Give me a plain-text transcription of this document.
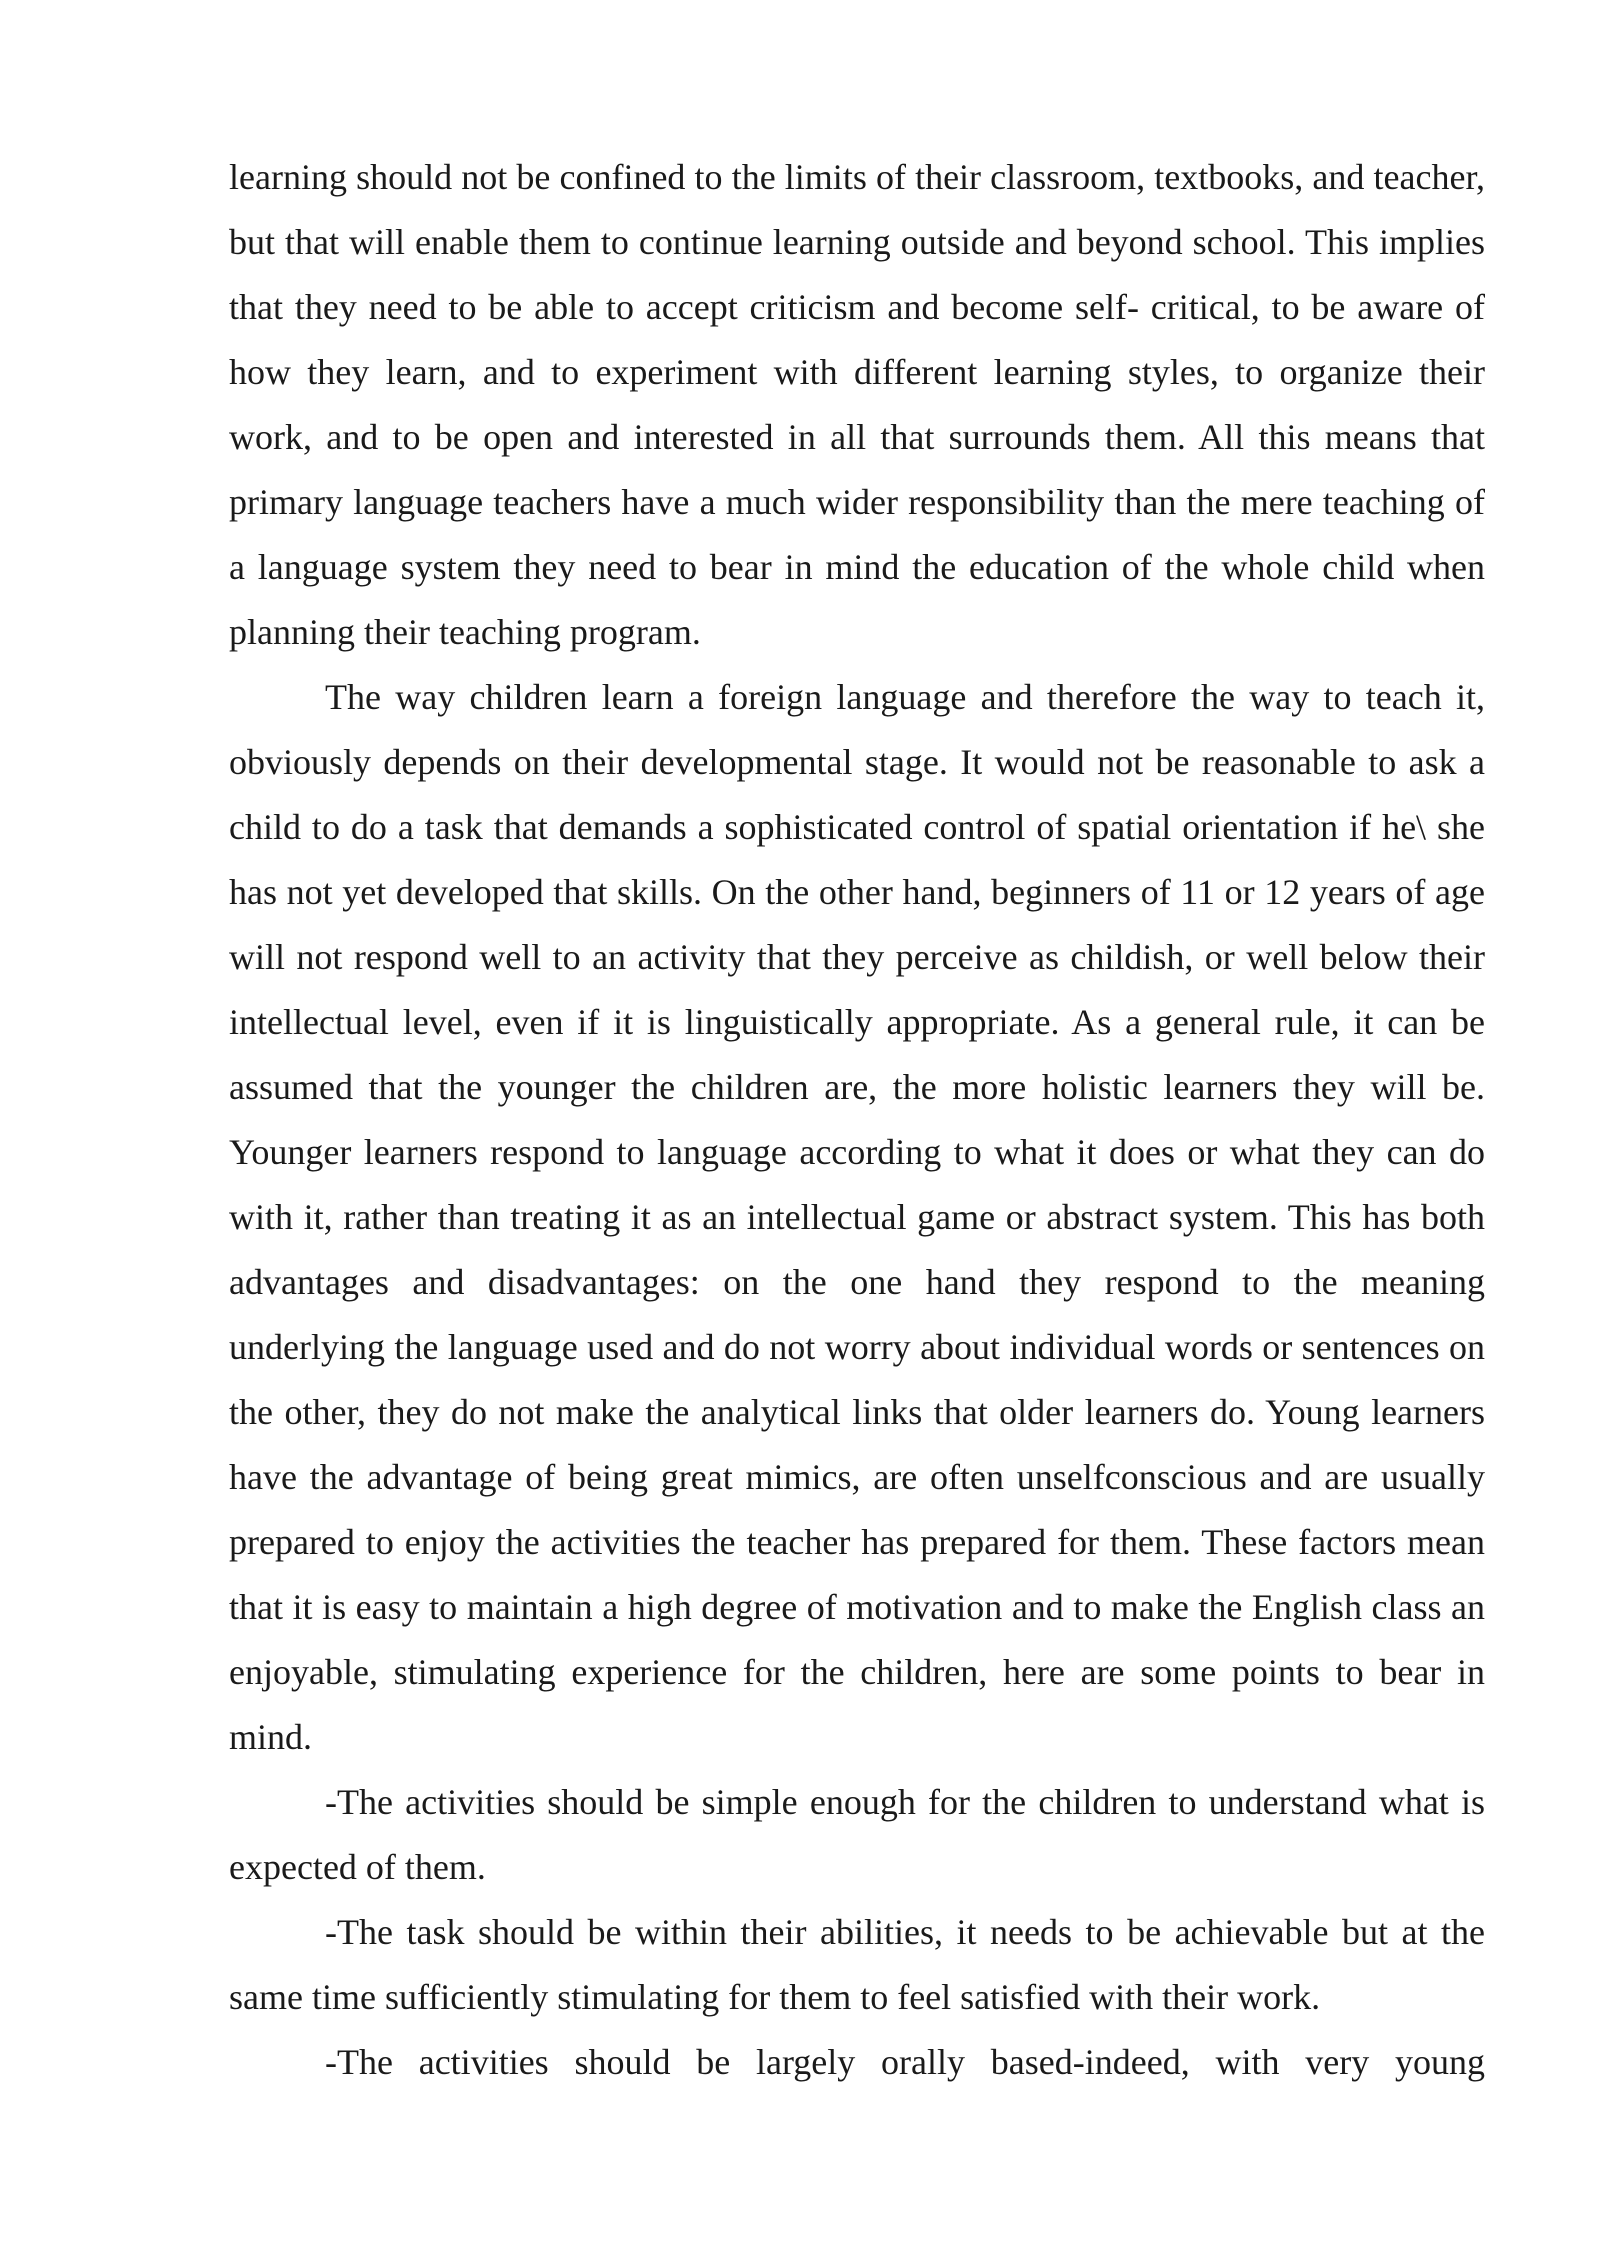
learning should not be confined to the limits of their classroom, textbooks, and teacher, but that will enable them to continue learning outside and beyond school. This implies that they need to be able to accept criticism and become self- critical, to be aware of how they learn, and to experiment with different learning styles, to organize their work, and to be open and interested in all that surrounds them. All this means that primary language teachers have a much wider responsibility than the mere teaching of a language system they need to bear in mind the education of the whole child when planning their teaching program.

The way children learn a foreign language and therefore the way to teach it, obviously depends on their developmental stage. It would not be reasonable to ask a child to do a task that demands a sophisticated control of spatial orientation if he\ she has not yet developed that skills. On the other hand, beginners of 11 or 12 years of age will not respond well to an activity that they perceive as childish, or well below their intellectual level, even if it is linguistically appropriate. As a general rule, it can be assumed that the younger the children are, the more holistic learners they will be. Younger learners respond to language according to what it does or what they can do with it, rather than treating it as an intellectual game or abstract system. This has both advantages and disadvantages: on the one hand they respond to the meaning underlying the language used and do not worry about individual words or sentences on the other, they do not make the analytical links that older learners do. Young learners have the advantage of being great mimics, are often unselfconscious and are usually prepared to enjoy the activities the teacher has prepared for them. These factors mean that it is easy to maintain a high degree of motivation and to make the English class an enjoyable, stimulating experience for the children, here are some points to bear in mind.

-The activities should be simple enough for the children to understand what is expected of them.

-The task should be within their abilities, it needs to be achievable but at the same time sufficiently stimulating for them to feel satisfied with their work.

-The activities should be largely orally based-indeed, with very young
